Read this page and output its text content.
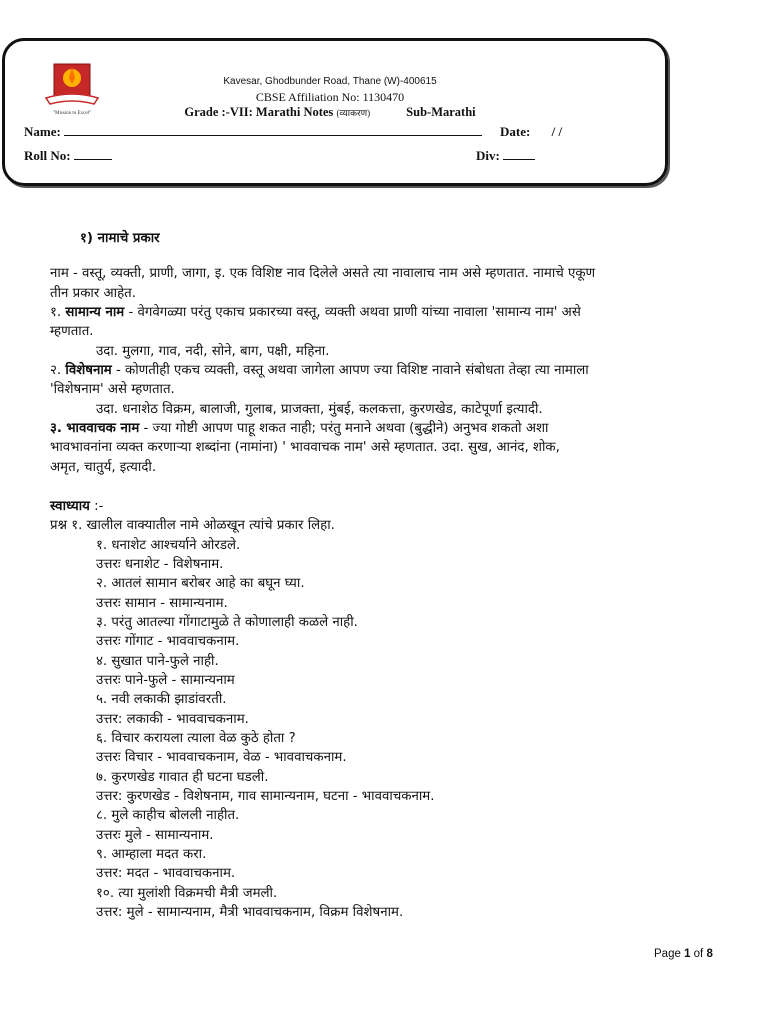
"Mission to Excel"
Kavesar, Ghodbunder Road, Thane (W)-400615
CBSE Affiliation No: 1130470
Grade :-VII: Marathi Notes (व्याकरण)	Sub-Marathi
Name:	Date: / /
Roll No:	Div:
१) नामाचे प्रकार
नाम - वस्तू, व्यक्ती, प्राणी, जागा, इ. एक विशिष्ट नाव दिलेले असते त्या नावालाच नाम असे म्हणतात. नामाचे एकूण
तीन प्रकार आहेत.
१. सामान्य नाम - वेगवेगळ्या परंतु एकाच प्रकारच्या वस्तू, व्यक्ती अथवा प्राणी यांच्या नावाला 'सामान्य नाम' असे
म्हणतात.
उदा. मुलगा, गाव, नदी, सोने, बाग, पक्षी, महिना.
२. विशेषनाम - कोणतीही एकच व्यक्ती, वस्तू अथवा जागेला आपण ज्या विशिष्ट नावाने संबोधता तेव्हा त्या नामाला
'विशेषनाम' असे म्हणतात.
उदा. धनाशेठ विक्रम, बालाजी, गुलाब, प्राजक्ता, मुंबई, कलकत्ता, कुरणखेड, काटेपूर्णा इत्यादी.
३. भाववाचक नाम - ज्या गोष्टी आपण पाहू शकत नाही; परंतु मनाने अथवा (बुद्धीने) अनुभव शकतो अशा
भावभावनांना व्यक्त करणाऱ्या शब्दांना (नामांना) ' भाववाचक नाम' असे म्हणतात. उदा. सुख, आनंद, शोक,
अमृत, चातुर्य, इत्यादी.
स्वाध्याय :-
प्रश्न १. खालील वाक्यातील नामे ओळखून त्यांचे प्रकार लिहा.
१. धनाशेट आश्चर्याने ओरडले.
उत्तरः धनाशेट - विशेषनाम.
२. आतलं सामान बरोबर आहे का बघून घ्या.
उत्तरः सामान - सामान्यनाम.
३. परंतु आतल्या गोंगाटामुळे ते कोणालाही कळले नाही.
उत्तरः गोंगाट - भाववाचकनाम.
४. सुखात पाने-फुले नाही.
उत्तरः पाने-फुले - सामान्यनाम
५. नवी लकाकी झाडांवरती.
उत्तर: लकाकी - भाववाचकनाम.
६. विचार करायला त्याला वेळ कुठे होता ?
उत्तरः विचार - भाववाचकनाम, वेळ - भाववाचकनाम.
७. कुरणखेड गावात ही घटना घडली.
उत्तर: कुरणखेड - विशेषनाम, गाव सामान्यनाम, घटना - भाववाचकनाम.
८. मुले काहीच बोलली नाहीत.
उत्तरः मुले - सामान्यनाम.
९. आम्हाला मदत करा.
उत्तर: मदत - भाववाचकनाम.
१०. त्या मुलांशी विक्रमची मैत्री जमली.
उत्तर: मुले - सामान्यनाम, मैत्री भाववाचकनाम, विक्रम विशेषनाम.
Page 1 of 8
